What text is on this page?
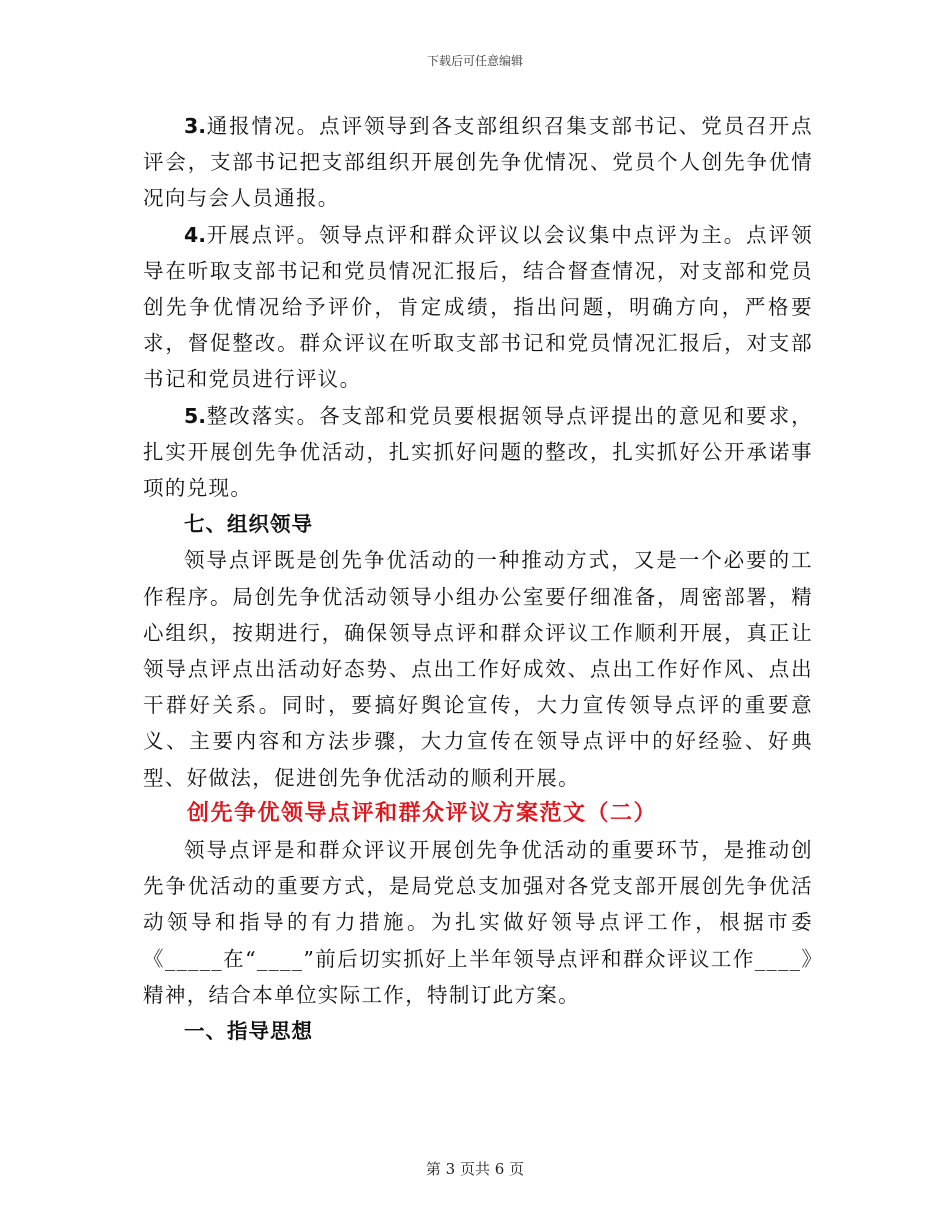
下载后可任意编辑

3.通报情况。点评领导到各支部组织召集支部书记、党员召开点评会，支部书记把支部组织开展创先争优情况、党员个人创先争优情况向与会人员通报。

4.开展点评。领导点评和群众评议以会议集中点评为主。点评领导在听取支部书记和党员情况汇报后，结合督查情况，对支部和党员创先争优情况给予评价，肯定成绩，指出问题，明确方向，严格要求，督促整改。群众评议在听取支部书记和党员情况汇报后，对支部书记和党员进行评议。

5.整改落实。各支部和党员要根据领导点评提出的意见和要求，扎实开展创先争优活动，扎实抓好问题的整改，扎实抓好公开承诺事项的兑现。

七、组织领导

领导点评既是创先争优活动的一种推动方式，又是一个必要的工作程序。局创先争优活动领导小组办公室要仔细准备，周密部署，精心组织，按期进行，确保领导点评和群众评议工作顺利开展，真正让领导点评点出活动好态势、点出工作好成效、点出工作好作风、点出干群好关系。同时，要搞好舆论宣传，大力宣传领导点评的重要意义、主要内容和方法步骤，大力宣传在领导点评中的好经验、好典型、好做法，促进创先争优活动的顺利开展。

创先争优领导点评和群众评议方案范文（二）

领导点评是和群众评议开展创先争优活动的重要环节，是推动创先争优活动的重要方式，是局党总支加强对各党支部开展创先争优活动领导和指导的有力措施。为扎实做好领导点评工作，根据市委《_____在“____”前后切实抓好上半年领导点评和群众评议工作____》精神，结合本单位实际工作，特制订此方案。

一、指导思想

第 3 页共 6 页
